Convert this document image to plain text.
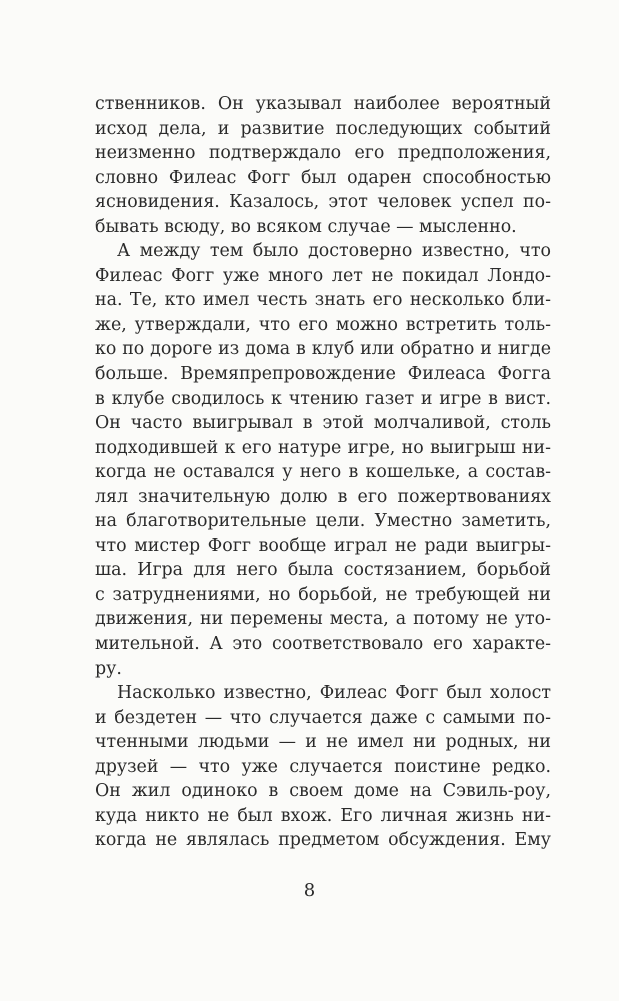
ственников. Он указывал наиболее вероятный
исход дела, и развитие последующих событий
неизменно подтверждало его предположения,
словно Филеас Фогг был одарен способностью
ясновидения. Казалось, этот человек успел по-
бывать всюду, во всяком случае — мысленно.
А между тем было достоверно известно, что
Филеас Фогг уже много лет не покидал Лондо-
на. Те, кто имел честь знать его несколько бли-
же, утверждали, что его можно встретить толь-
ко по дороге из дома в клуб или обратно и нигде
больше. Времяпрепровождение Филеаса Фогга
в клубе сводилось к чтению газет и игре в вист.
Он часто выигрывал в этой молчаливой, столь
подходившей к его натуре игре, но выигрыш ни-
когда не оставался у него в кошельке, а состав-
лял значительную долю в его пожертвованиях
на благотворительные цели. Уместно заметить,
что мистер Фогг вообще играл не ради выигры-
ша. Игра для него была состязанием, борьбой
с затруднениями, но борьбой, не требующей ни
движения, ни перемены места, а потому не уто-
мительной. А это соответствовало его характе-
ру.
Насколько известно, Филеас Фогг был холост
и бездетен — что случается даже с самыми по-
чтенными людьми — и не имел ни родных, ни
друзей — что уже случается поистине редко.
Он жил одиноко в своем доме на Сэвиль-роу,
куда никто не был вхож. Его личная жизнь ни-
когда не являлась предметом обсуждения. Ему
8
